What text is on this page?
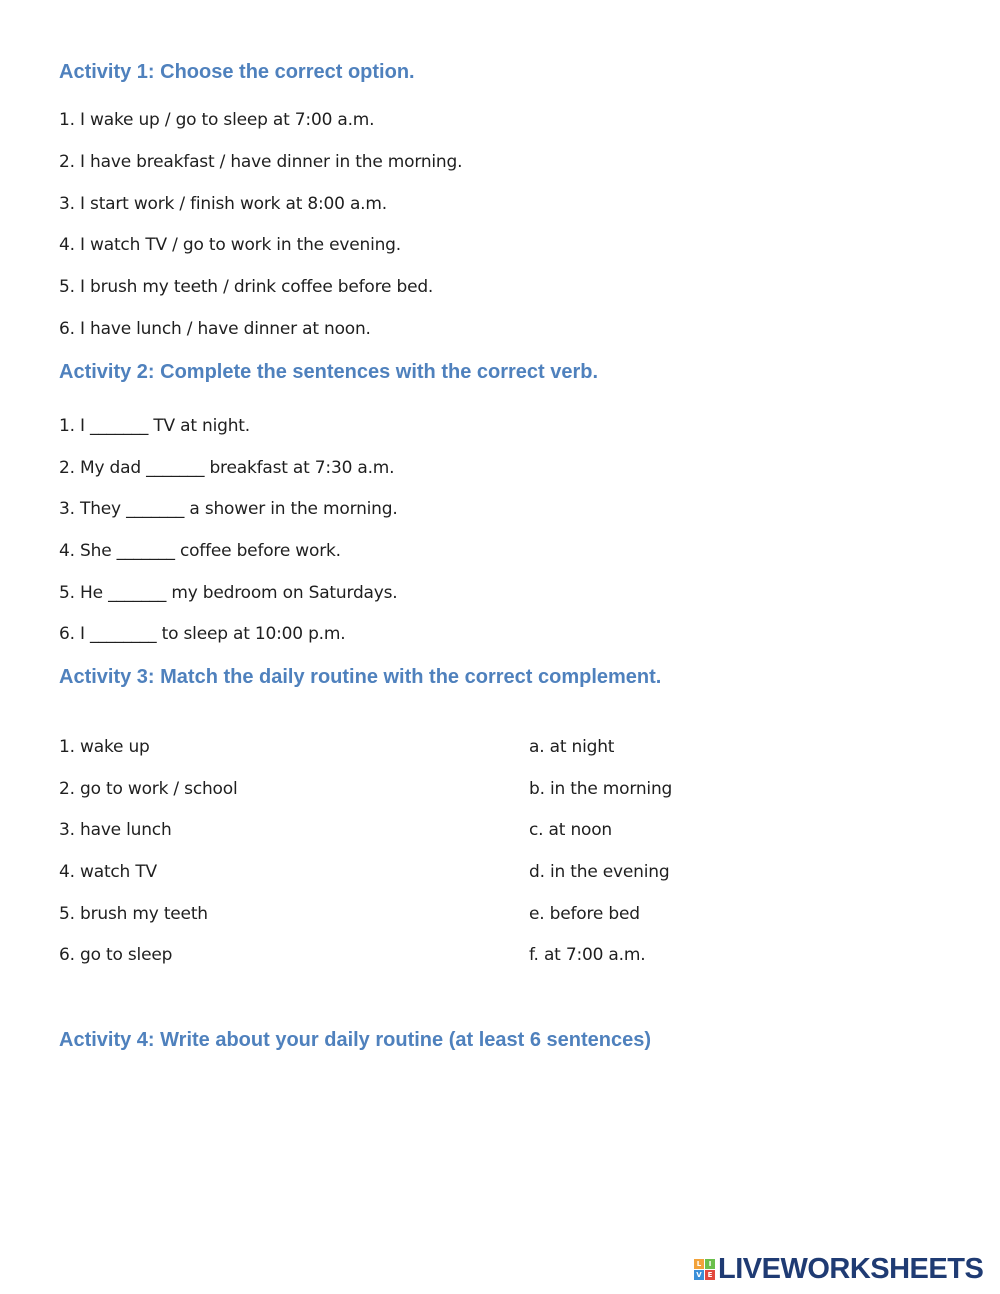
Activity 1: Choose the correct option.
1. I wake up / go to sleep at 7:00 a.m.
2. I have breakfast / have dinner in the morning.
3. I start work / finish work at 8:00 a.m.
4. I watch TV / go to work in the evening.
5. I brush my teeth / drink coffee before bed.
6. I have lunch / have dinner at noon.
Activity 2: Complete the sentences with the correct verb.
1. I _______ TV at night.
2. My dad _______ breakfast at 7:30 a.m.
3. They _______ a shower in the morning.
4. She _______ coffee before work.
5. He _______ my bedroom on Saturdays.
6. I ________ to sleep at 10:00 p.m.
Activity 3: Match the daily routine with the correct complement.
1. wake up
2. go to work / school
3. have lunch
4. watch TV
5. brush my teeth
6. go to sleep
a. at night
b. in the morning
c. at noon
d. in the evening
e. before bed
f. at 7:00 a.m.
Activity 4: Write about your daily routine (at least 6 sentences)
L	I
V E LIVEWORKSHEETS
